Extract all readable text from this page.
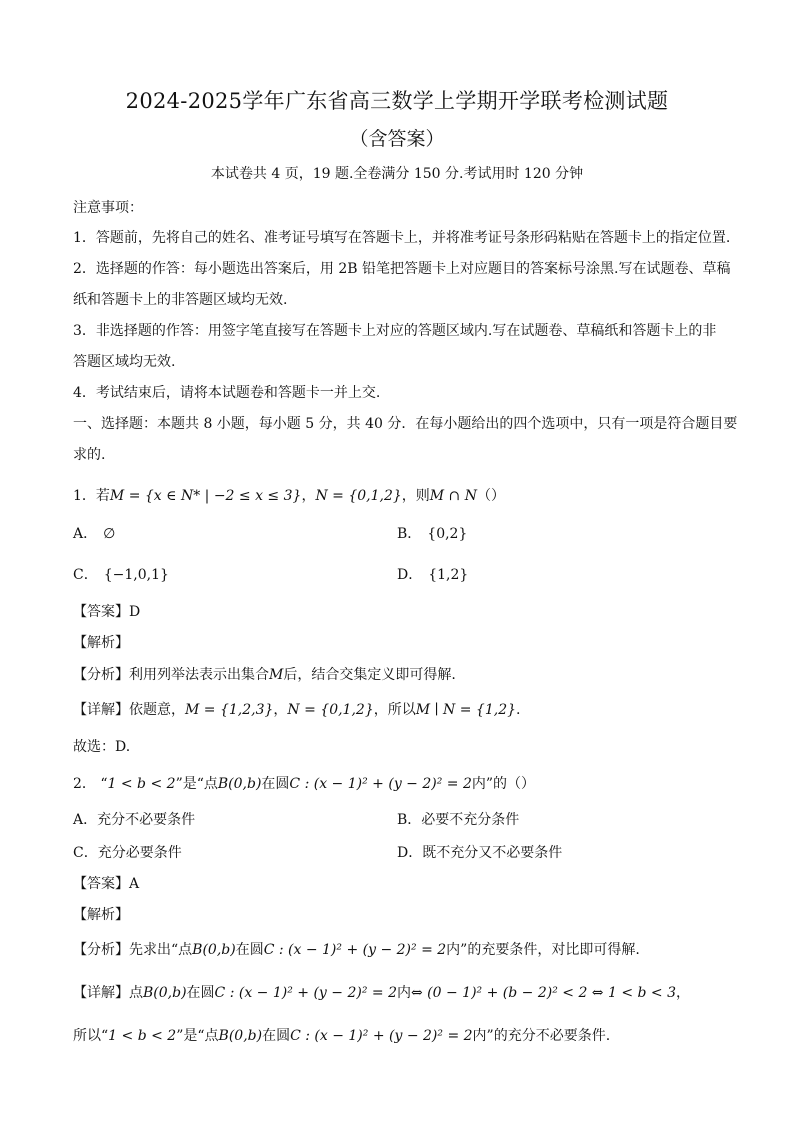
2024-2025学年广东省高三数学上学期开学联考检测试题
（含答案）
本试卷共 4 页，19 题.全卷满分 150 分.考试用时 120 分钟
注意事项：
1．答题前，先将自己的姓名、准考证号填写在答题卡上，并将准考证号条形码粘贴在答题卡上的指定位置.
2．选择题的作答：每小题选出答案后，用 2B 铅笔把答题卡上对应题目的答案标号涂黑.写在试题卷、草稿
纸和答题卡上的非答题区域均无效.
3．非选择题的作答：用签字笔直接写在答题卡上对应的答题区域内.写在试题卷、草稿纸和答题卡上的非
答题区域均无效.
4．考试结束后，请将本试题卷和答题卡一并上交.
一、选择题：本题共 8 小题，每小题 5 分，共 40 分．在每小题给出的四个选项中，只有一项是符合题目要
求的.
1．若M = {x ∈ N* | −2 ≤ x ≤ 3}，N = {0,1,2}，则M ∩ N（）
A． ∅	B． {0,2}
C． {−1,0,1}	D． {1,2}
【答案】D
【解析】
【分析】利用列举法表示出集合M后，结合交集定义即可得解.
【详解】依题意，M = {1,2,3}，N = {0,1,2}，所以M ∣ N = {1,2}.
故选：D.
2． “1 < b < 2”是“点B(0,b)在圆C : (x − 1)² + (y − 2)² = 2内”的（）
A．充分不必要条件	B．必要不充分条件
C．充分必要条件	D．既不充分又不必要条件
【答案】A
【解析】
【分析】先求出“点B(0,b)在圆C : (x − 1)² + (y − 2)² = 2内”的充要条件，对比即可得解.
【详解】点B(0,b)在圆C : (x − 1)² + (y − 2)² = 2内⇔ (0 − 1)² + (b − 2)² < 2 ⇔ 1 < b < 3，
所以“1 < b < 2”是“点B(0,b)在圆C : (x − 1)² + (y − 2)² = 2内”的充分不必要条件.
